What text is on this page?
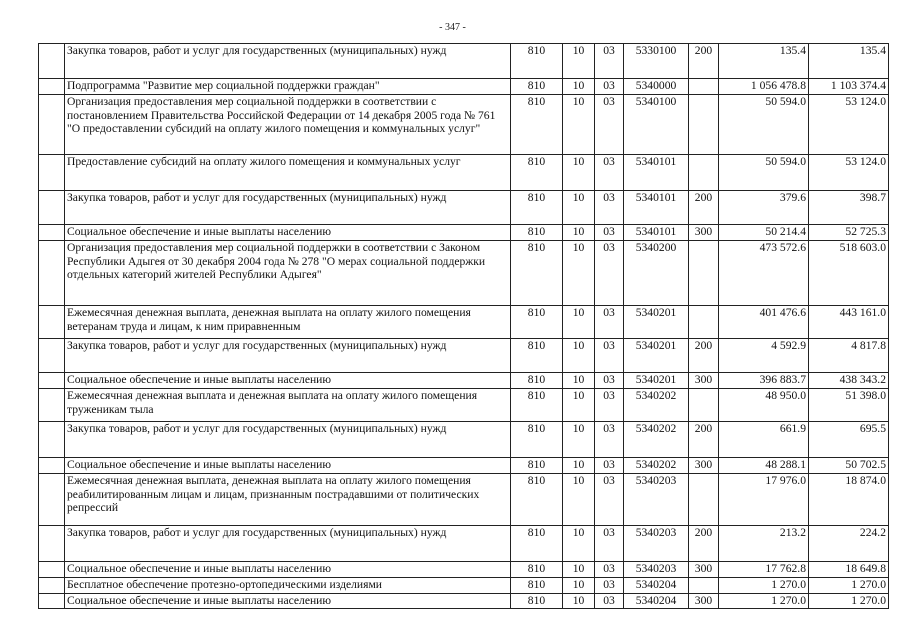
- 347 -
	Закупка товаров, работ и услуг для государственных (муниципальных) нужд	810	10	03	5330100	200	135.4	135.4
	Подпрограмма "Развитие мер социальной поддержки граждан"	810	10	03	5340000		1 056 478.8	1 103 374.4
	Организация предоставления мер социальной поддержки в соответствии с постановлением Правительства Российской Федерации от 14 декабря 2005 года № 761 "О предоставлении субсидий на оплату жилого помещения и коммунальных услуг"	810	10	03	5340100		50 594.0	53 124.0
	Предоставление субсидий на оплату жилого помещения и коммунальных услуг	810	10	03	5340101		50 594.0	53 124.0
	Закупка товаров, работ и услуг для государственных (муниципальных) нужд	810	10	03	5340101	200	379.6	398.7
	Социальное обеспечение и иные выплаты населению	810	10	03	5340101	300	50 214.4	52 725.3
	Организация предоставления мер социальной поддержки в соответствии с Законом Республики Адыгея от 30 декабря 2004 года № 278 "О мерах социальной поддержки отдельных категорий жителей Республики Адыгея"	810	10	03	5340200		473 572.6	518 603.0
	Ежемесячная денежная выплата, денежная выплата на оплату жилого помещения ветеранам труда и лицам, к ним приравненным	810	10	03	5340201		401 476.6	443 161.0
	Закупка товаров, работ и услуг для государственных (муниципальных) нужд	810	10	03	5340201	200	4 592.9	4 817.8
	Социальное обеспечение и иные выплаты населению	810	10	03	5340201	300	396 883.7	438 343.2
	Ежемесячная денежная выплата и денежная выплата на оплату жилого помещения труженикам тыла	810	10	03	5340202		48 950.0	51 398.0
	Закупка товаров, работ и услуг для государственных (муниципальных) нужд	810	10	03	5340202	200	661.9	695.5
	Социальное обеспечение и иные выплаты населению	810	10	03	5340202	300	48 288.1	50 702.5
	Ежемесячная денежная выплата, денежная выплата на оплату жилого помещения реабилитированным лицам и лицам, признанным пострадавшими от политических репрессий	810	10	03	5340203		17 976.0	18 874.0
	Закупка товаров, работ и услуг для государственных (муниципальных) нужд	810	10	03	5340203	200	213.2	224.2
	Социальное обеспечение и иные выплаты населению	810	10	03	5340203	300	17 762.8	18 649.8
	Бесплатное обеспечение протезно-ортопедическими изделиями	810	10	03	5340204		1 270.0	1 270.0
	Социальное обеспечение и иные выплаты населению	810	10	03	5340204	300	1 270.0	1 270.0
